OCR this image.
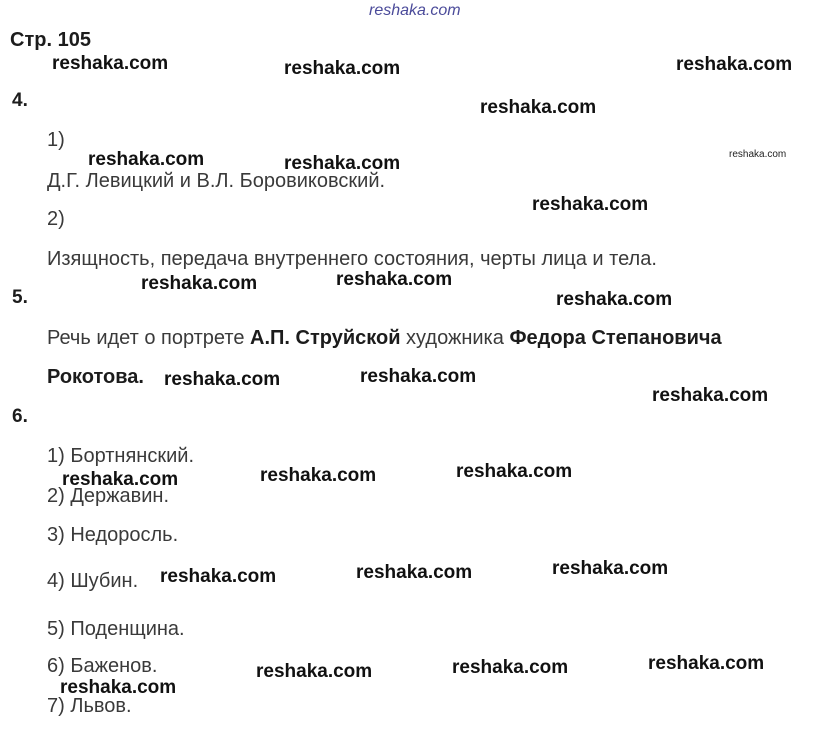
reshaka.com
Стр. 105
4.
1)
Д.Г. Левицкий и В.Л. Боровиковский.
2)
Изящность, передача внутреннего состояния, черты лица и тела.
5.
Речь идет о портрете А.П. Струйской художника Федора Степановича
Рокотова.
6.
1) Бортнянский.
2) Державин.
3) Недоросль.
4) Шубин.
5) Поденщина.
6) Баженов.
7) Львов.
reshaka.com	reshaka.com	reshaka.com
reshaka.com
reshaka.com	reshaka.com	reshaka.com
reshaka.com
reshaka.com	reshaka.com
reshaka.com
reshaka.com	reshaka.com
reshaka.com
reshaka.com	reshaka.com	reshaka.com
reshaka.com	reshaka.com	reshaka.com
reshaka.com	reshaka.com	reshaka.com
reshaka.com
